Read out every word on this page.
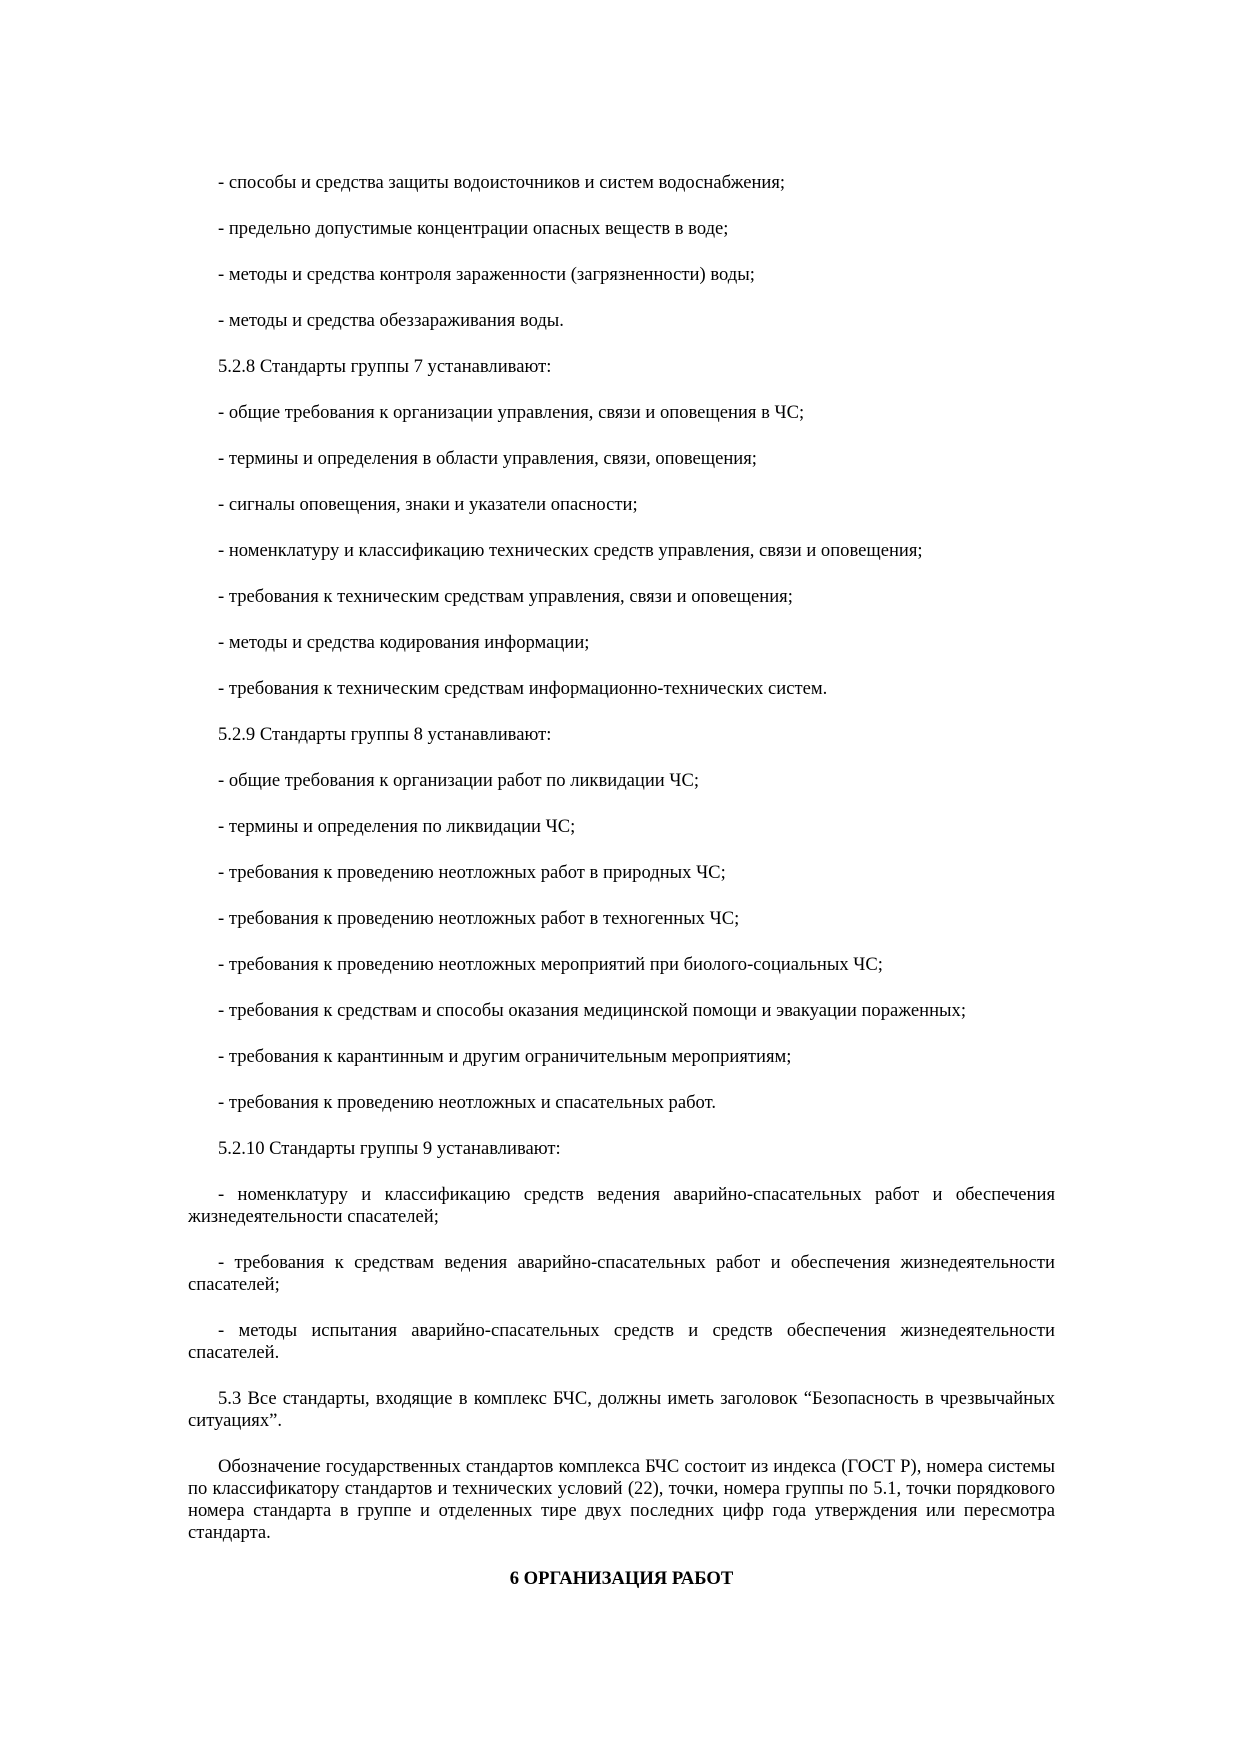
- способы и средства защиты водоисточников и систем водоснабжения;

- предельно допустимые концентрации опасных веществ в воде;

- методы и средства контроля зараженности (загрязненности) воды;

- методы и средства обеззараживания воды.

5.2.8 Стандарты группы 7 устанавливают:

- общие требования к организации управления, связи и оповещения в ЧС;

- термины и определения в области управления, связи, оповещения;

- сигналы оповещения, знаки и указатели опасности;

- номенклатуру и классификацию технических средств управления, связи и оповещения;

- требования к техническим средствам управления, связи и оповещения;

- методы и средства кодирования информации;

- требования к техническим средствам информационно-технических систем.

5.2.9 Стандарты группы 8 устанавливают:

- общие требования к организации работ по ликвидации ЧС;

- термины и определения по ликвидации ЧС;

- требования к проведению неотложных работ в природных ЧС;

- требования к проведению неотложных работ в техногенных ЧС;

- требования к проведению неотложных мероприятий при биолого-социальных ЧС;

- требования к средствам и способы оказания медицинской помощи и эвакуации пораженных;

- требования к карантинным и другим ограничительным мероприятиям;

- требования к проведению неотложных и спасательных работ.

5.2.10 Стандарты группы 9 устанавливают:

- номенклатуру и классификацию средств ведения аварийно-спасательных работ и обеспечения жизнедеятельности спасателей;

- требования к средствам ведения аварийно-спасательных работ и обеспечения жизнедеятельности спасателей;

- методы испытания аварийно-спасательных средств и средств обеспечения жизнедеятельности спасателей.

5.3 Все стандарты, входящие в комплекс БЧС, должны иметь заголовок “Безопасность в чрезвычайных ситуациях”.

Обозначение государственных стандартов комплекса БЧС состоит из индекса (ГОСТ Р), номера системы по классификатору стандартов и технических условий (22), точки, номера группы по 5.1, точки порядкового номера стандарта в группе и отделенных тире двух последних цифр года утверждения или пересмотра стандарта.

6 ОРГАНИЗАЦИЯ РАБОТ
